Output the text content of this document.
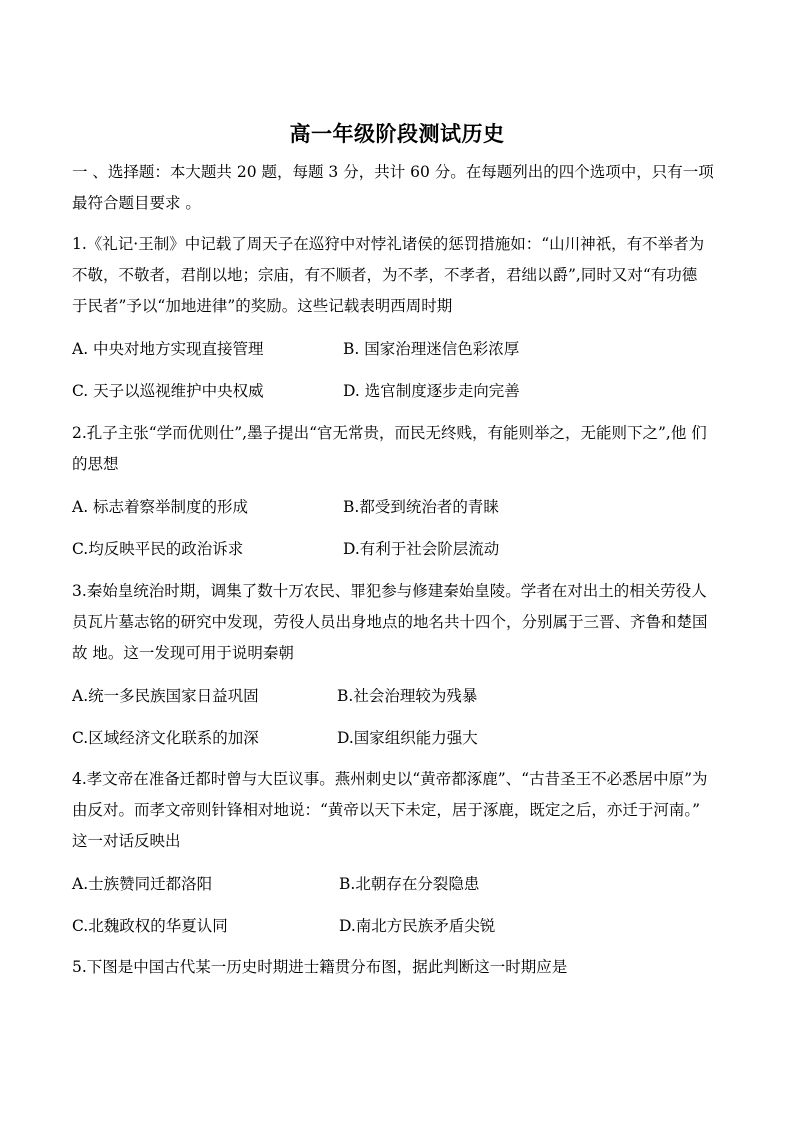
高一年级阶段测试历史
一 、选择题：本大题共 20 题，每题 3 分，共计 60 分。在每题列出的四个选项中，只有一项
最符合题目要求 。
1.《礼记·王制》中记载了周天子在巡狩中对悖礼诸侯的惩罚措施如：“山川神祇，有不举者为
不敬，不敬者，君削以地；宗庙，有不顺者，为不孝，不孝者，君绌以爵”,同时又对“有功德
于民者”予以“加地进律”的奖励。这些记载表明西周时期
A. 中央对地方实现直接管理	B. 国家治理迷信色彩浓厚
C. 天子以巡视维护中央权威	D. 选官制度逐步走向完善
2.孔子主张“学而优则仕”,墨子提出“官无常贵，而民无终贱，有能则举之，无能则下之”,他 们
的思想
A. 标志着察举制度的形成	B.都受到统治者的青睐
C.均反映平民的政治诉求	D.有利于社会阶层流动
3.秦始皇统治时期，调集了数十万农民、罪犯参与修建秦始皇陵。学者在对出土的相关劳役人
员瓦片墓志铭的研究中发现，劳役人员出身地点的地名共十四个，分别属于三晋、齐鲁和楚国
故 地。这一发现可用于说明秦朝
A.统一多民族国家日益巩固	B.社会治理较为残暴
C.区域经济文化联系的加深	D.国家组织能力强大
4.孝文帝在准备迁都时曾与大臣议事。燕州刺史以“黄帝都涿鹿”、“古昔圣王不必悉居中原”为
由反对。而孝文帝则针锋相对地说：“黄帝以天下未定，居于涿鹿，既定之后，亦迁于河南。”
这一对话反映出
A.士族赞同迁都洛阳	B.北朝存在分裂隐患
C.北魏政权的华夏认同	D.南北方民族矛盾尖锐
5.下图是中国古代某一历史时期进士籍贯分布图，据此判断这一时期应是
